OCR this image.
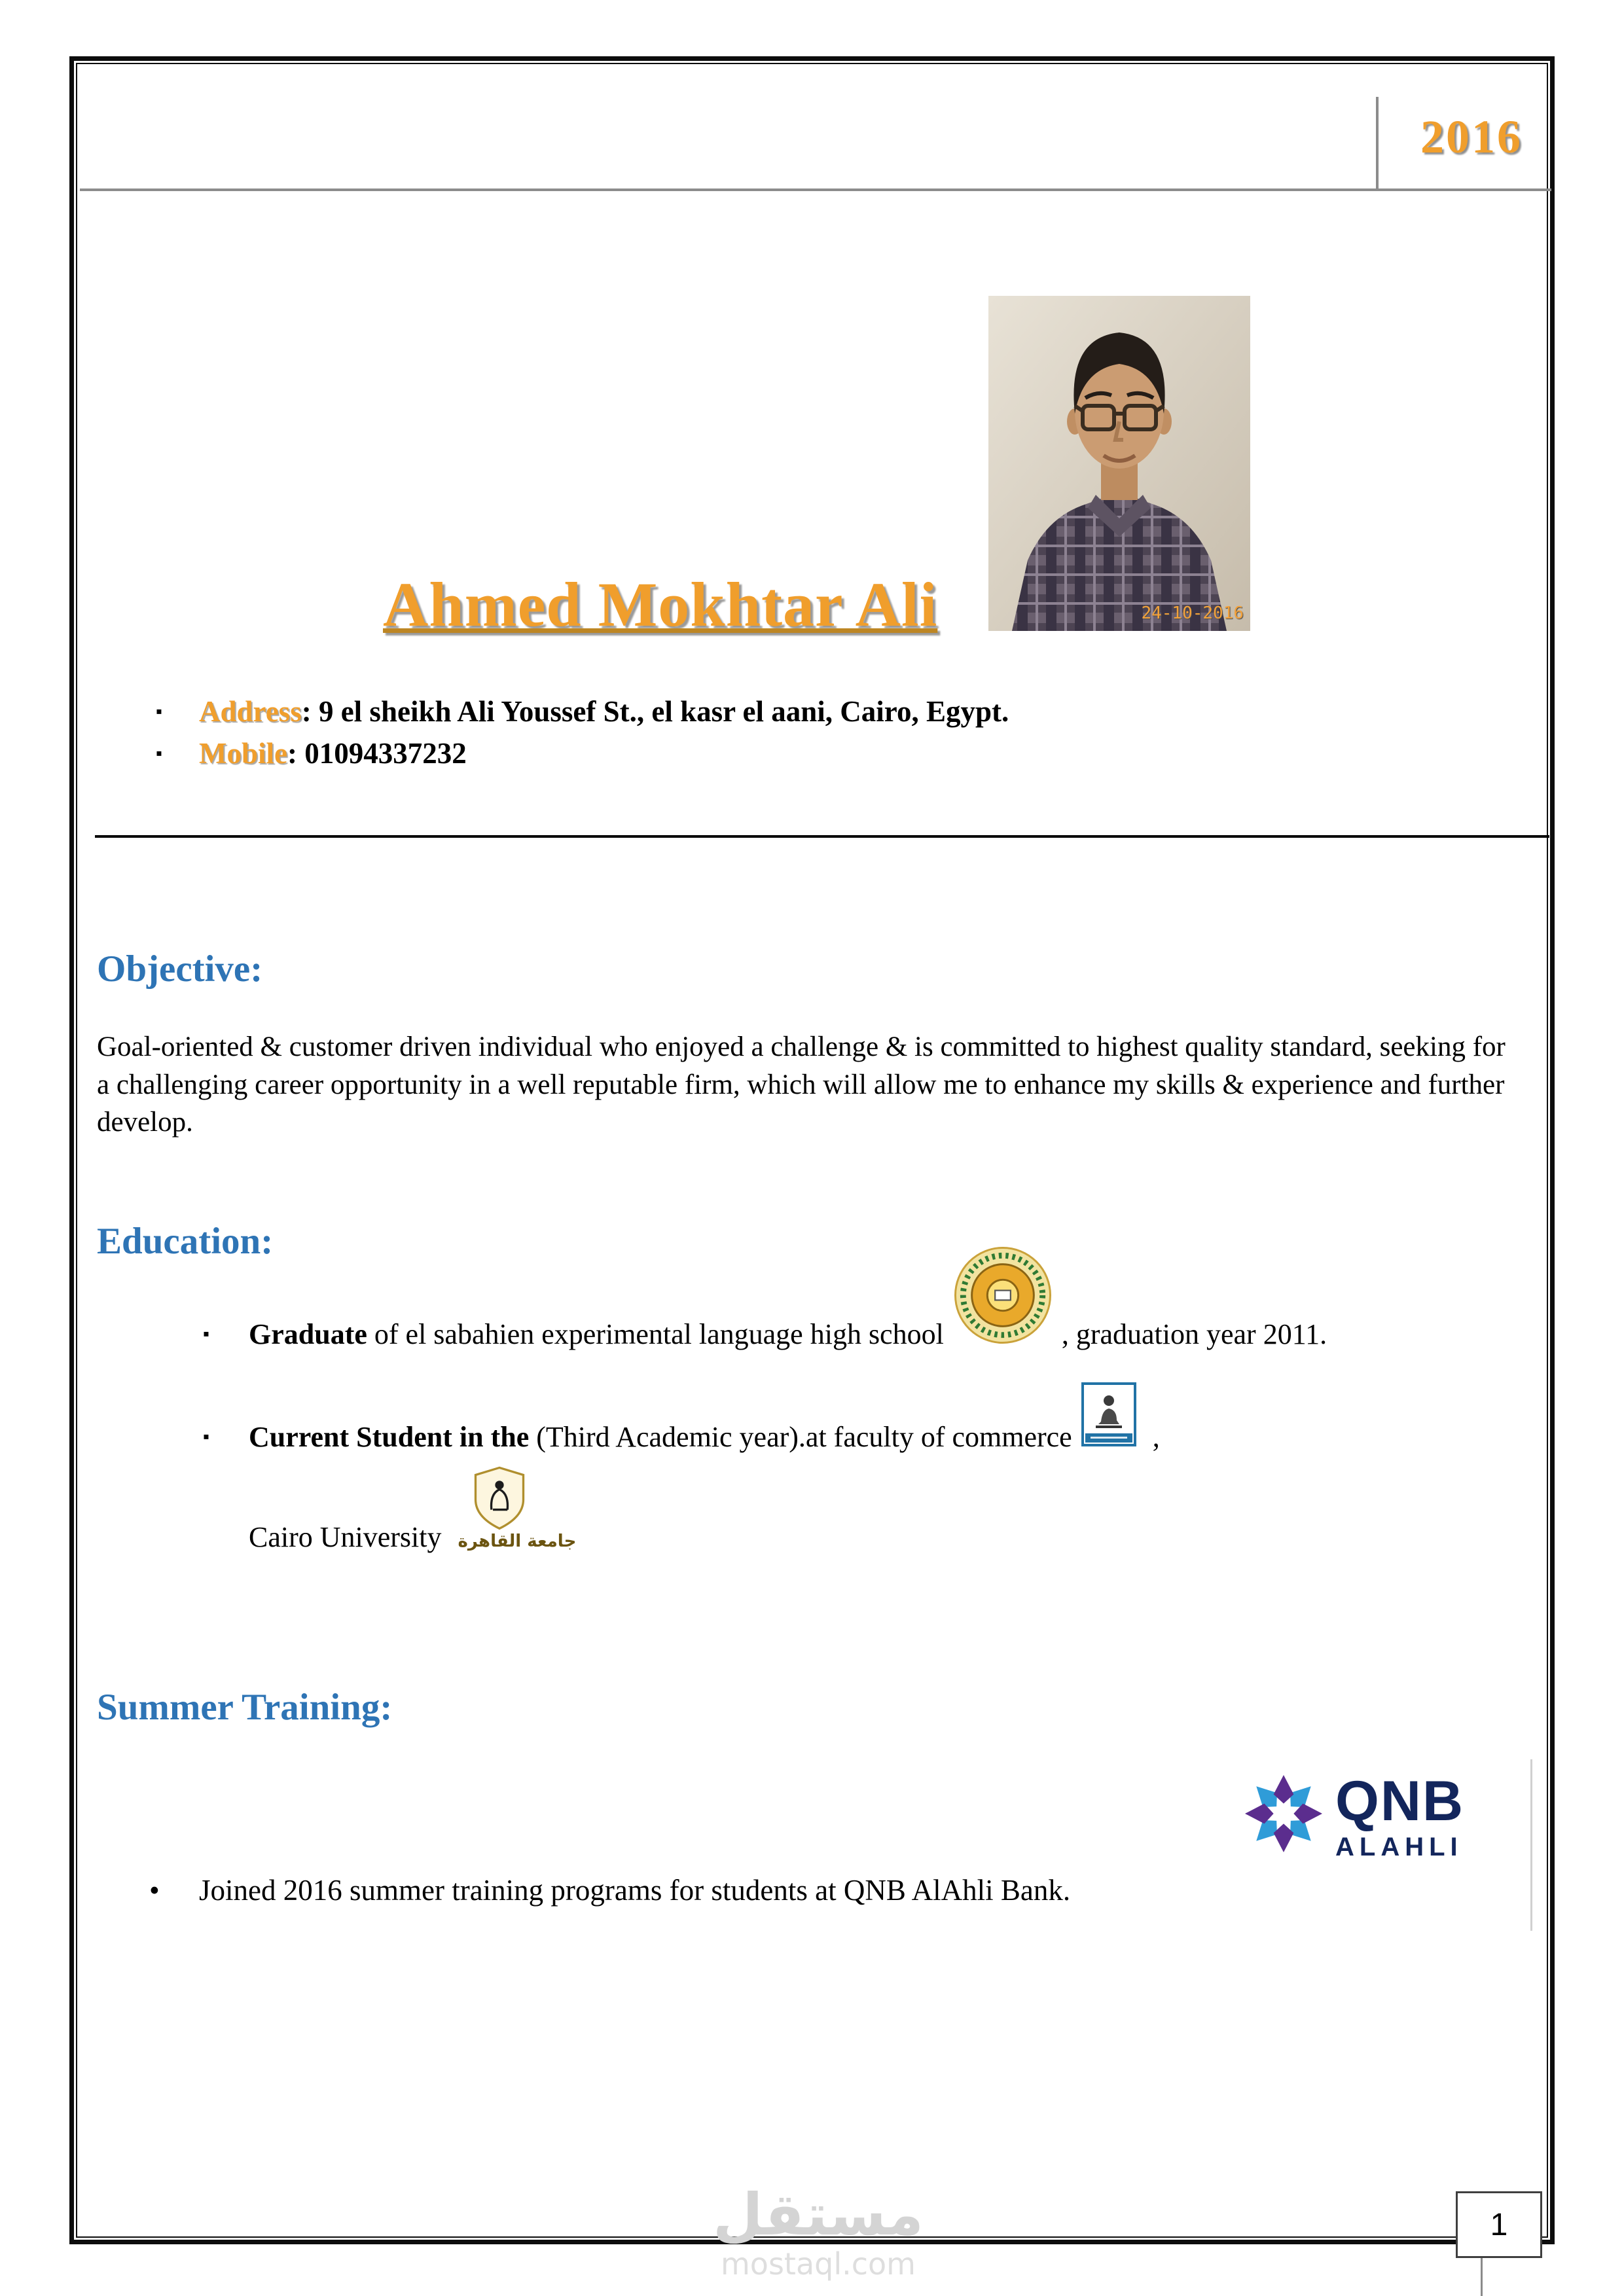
2016
24-10-2016
Ahmed Mokhtar Ali
▪ Address: 9 el sheikh Ali Youssef St., el kasr el aani, Cairo, Egypt.
▪ Mobile: 01094337232
Objective:

Goal-oriented & customer driven individual who enjoyed a challenge & is committed to highest quality standard, seeking for a challenging career opportunity in a well reputable firm, which will allow me to enhance my skills & experience and further develop.

Education:
▪ Graduate of el sabahien experimental language high school	, graduation year 2011.
▪ Current Student in the (Third Academic year).at faculty of commerce	,
Cairo University جامعة القاهرة
Summer Training:
QNB
ALAHLI
• Joined 2016 summer training programs for students at QNB AlAhli Bank.
1
مستقل
mostaql.com
